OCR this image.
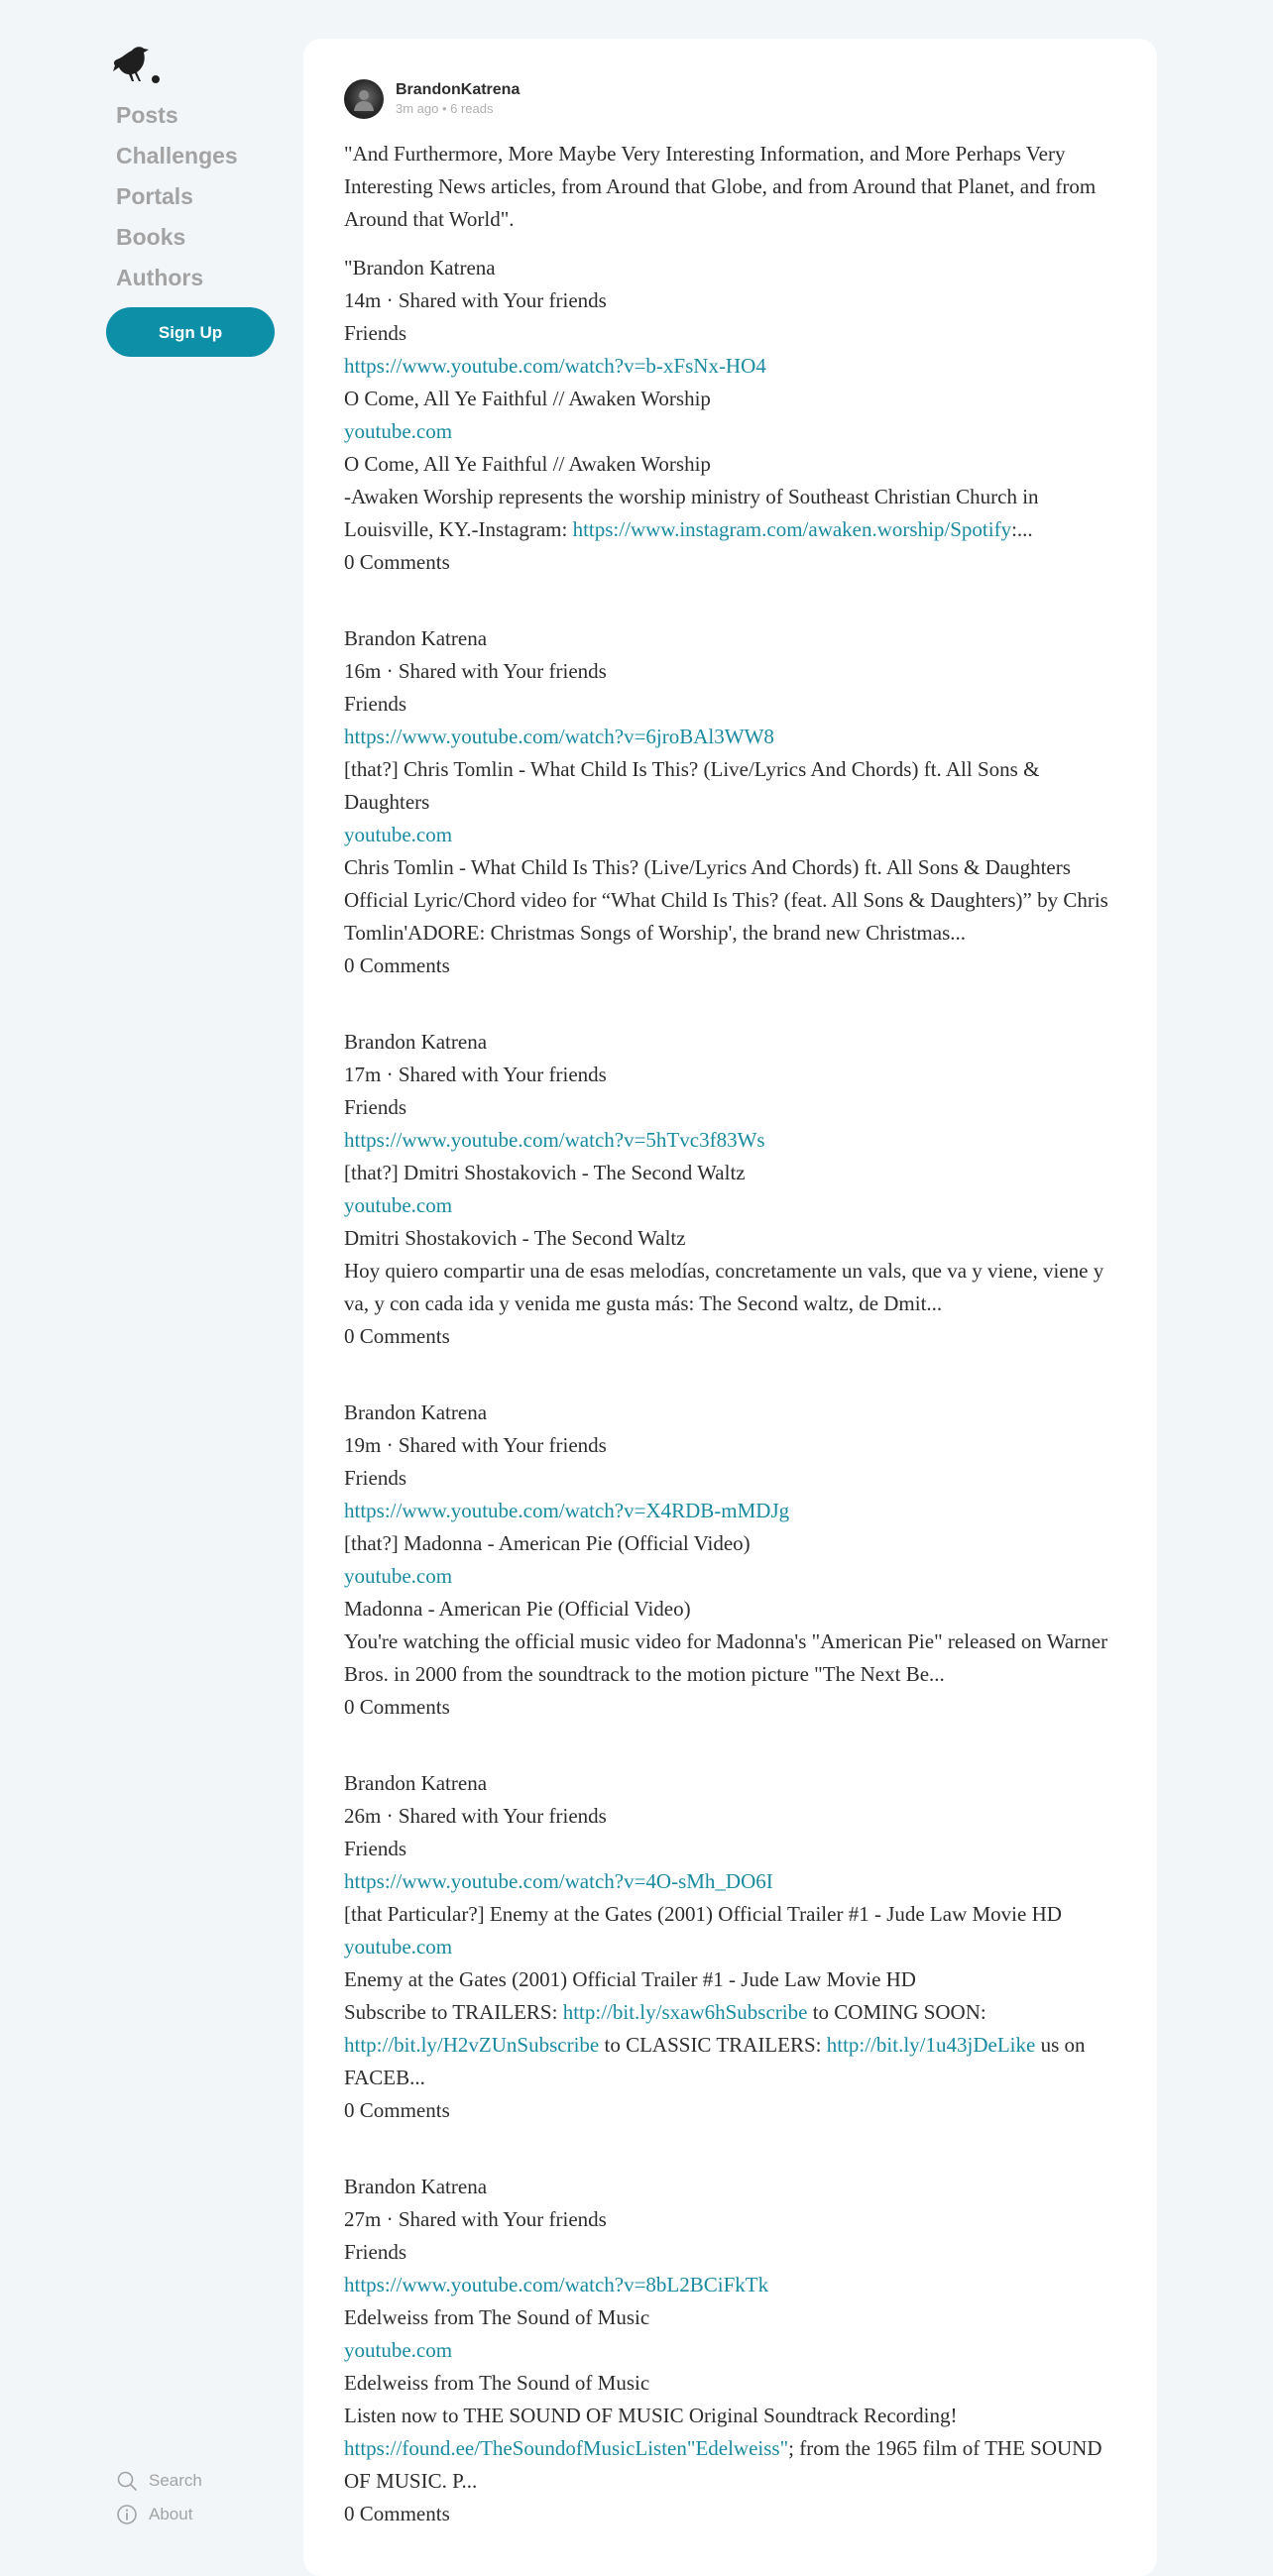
Posts
Challenges
Portals
Books
Authors
Sign Up
Search
About
BrandonKatrena
3m ago • 6 reads
"And Furthermore, More Maybe Very Interesting Information, and More Perhaps Very Interesting News articles, from Around that Globe, and from Around that Planet, and from Around that World".
"Brandon Katrena
14m · Shared with Your friends
Friends
https://www.youtube.com/watch?v=b-xFsNx-HO4
O Come, All Ye Faithful // Awaken Worship
youtube.com
O Come, All Ye Faithful // Awaken Worship
-Awaken Worship represents the worship ministry of Southeast Christian Church in Louisville, KY.-Instagram: https://www.instagram.com/awaken.worship/Spotify:...
0 Comments
Brandon Katrena
16m · Shared with Your friends
Friends
https://www.youtube.com/watch?v=6jroBAl3WW8
[that?] Chris Tomlin - What Child Is This? (Live/Lyrics And Chords) ft. All Sons & Daughters
youtube.com
Chris Tomlin - What Child Is This? (Live/Lyrics And Chords) ft. All Sons & Daughters
Official Lyric/Chord video for “What Child Is This? (feat. All Sons & Daughters)” by Chris Tomlin'ADORE: Christmas Songs of Worship', the brand new Christmas...
0 Comments
Brandon Katrena
17m · Shared with Your friends
Friends
https://www.youtube.com/watch?v=5hTvc3f83Ws
[that?] Dmitri Shostakovich - The Second Waltz
youtube.com
Dmitri Shostakovich - The Second Waltz
Hoy quiero compartir una de esas melodías, concretamente un vals, que va y viene, viene y va, y con cada ida y venida me gusta más: The Second waltz, de Dmit...
0 Comments
Brandon Katrena
19m · Shared with Your friends
Friends
https://www.youtube.com/watch?v=X4RDB-mMDJg
[that?] Madonna - American Pie (Official Video)
youtube.com
Madonna - American Pie (Official Video)
You're watching the official music video for Madonna's "American Pie" released on Warner Bros. in 2000 from the soundtrack to the motion picture "The Next Be...
0 Comments
Brandon Katrena
26m · Shared with Your friends
Friends
https://www.youtube.com/watch?v=4O-sMh_DO6I
[that Particular?] Enemy at the Gates (2001) Official Trailer #1 - Jude Law Movie HD
youtube.com
Enemy at the Gates (2001) Official Trailer #1 - Jude Law Movie HD
Subscribe to TRAILERS: http://bit.ly/sxaw6hSubscribe to COMING SOON: http://bit.ly/H2vZUnSubscribe to CLASSIC TRAILERS: http://bit.ly/1u43jDeLike us on FACEB...
0 Comments
Brandon Katrena
27m · Shared with Your friends
Friends
https://www.youtube.com/watch?v=8bL2BCiFkTk
Edelweiss from The Sound of Music
youtube.com
Edelweiss from The Sound of Music
Listen now to THE SOUND OF MUSIC Original Soundtrack Recording!
https://found.ee/TheSoundofMusicListen"Edelweiss"; from the 1965 film of THE SOUND OF MUSIC. P...
0 Comments
